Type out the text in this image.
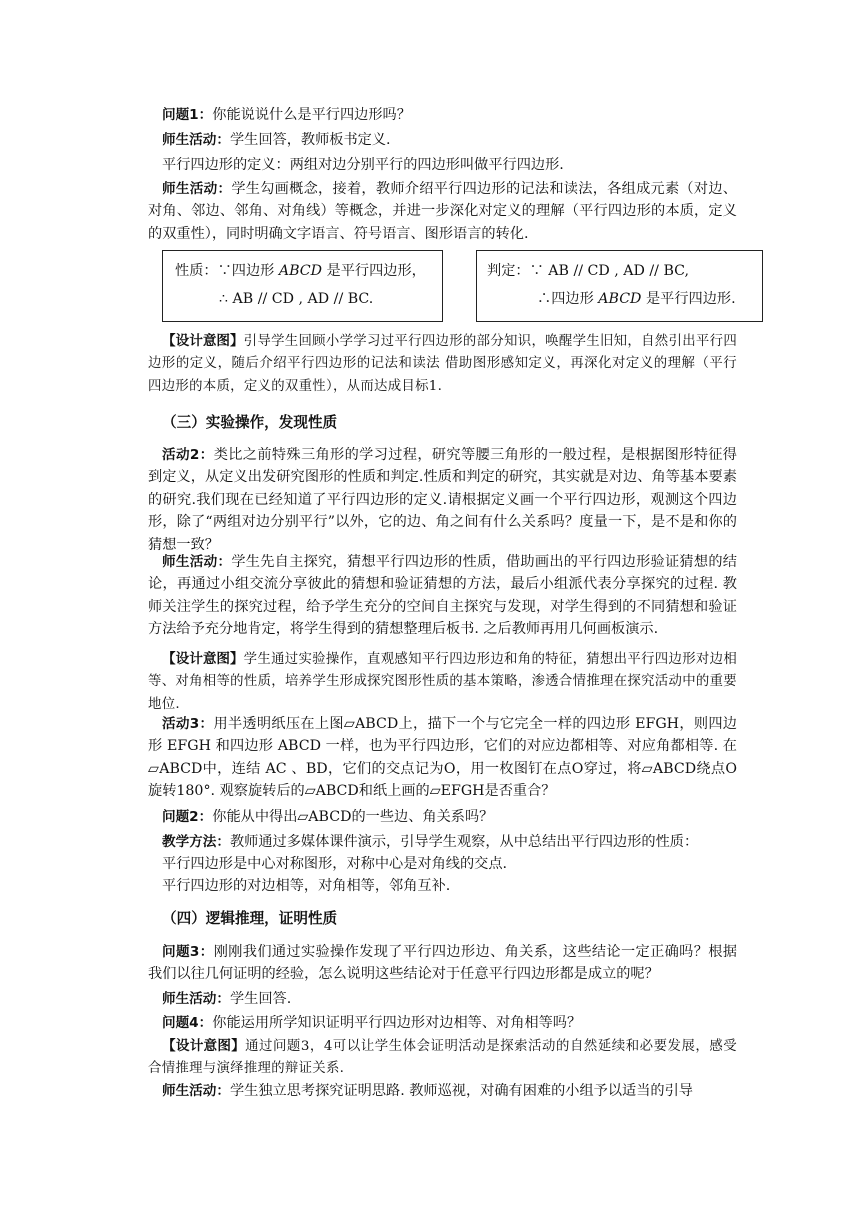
问题1：你能说说什么是平行四边形吗？

师生活动：学生回答，教师板书定义.

平行四边形的定义：两组对边分别平行的四边形叫做平行四边形.

师生活动：学生勾画概念，接着，教师介绍平行四边形的记法和读法，各组成元素（对边、对角、邻边、邻角、对角线）等概念，并进一步深化对定义的理解（平行四边形的本质，定义的双重性），同时明确文字语言、符号语言、图形语言的转化.

性质：∵四边形 ABCD 是平行四边形，
∴ AB // CD , AD // BC.
判定：∵ AB // CD , AD // BC,
∴四边形 ABCD 是平行四边形.

【设计意图】引导学生回顾小学学习过平行四边形的部分知识，唤醒学生旧知，自然引出平行四边形的定义，随后介绍平行四边形的记法和读法 借助图形感知定义，再深化对定义的理解（平行四边形的本质，定义的双重性），从而达成目标1.

（三）实验操作，发现性质

活动2：类比之前特殊三角形的学习过程，研究等腰三角形的一般过程，是根据图形特征得到定义，从定义出发研究图形的性质和判定.性质和判定的研究，其实就是对边、角等基本要素的研究.我们现在已经知道了平行四边形的定义.请根据定义画一个平行四边形，观测这个四边形，除了“两组对边分别平行”以外，它的边、角之间有什么关系吗？度量一下，是不是和你的猜想一致？

师生活动：学生先自主探究，猜想平行四边形的性质，借助画出的平行四边形验证猜想的结论，再通过小组交流分享彼此的猜想和验证猜想的方法，最后小组派代表分享探究的过程. 教师关注学生的探究过程，给予学生充分的空间自主探究与发现，对学生得到的不同猜想和验证方法给予充分地肯定，将学生得到的猜想整理后板书. 之后教师再用几何画板演示.

【设计意图】学生通过实验操作，直观感知平行四边形边和角的特征，猜想出平行四边形对边相等、对角相等的性质，培养学生形成探究图形性质的基本策略，渗透合情推理在探究活动中的重要地位.

活动3：用半透明纸压在上图▱ABCD上，描下一个与它完全一样的四边形 EFGH，则四边形 EFGH 和四边形 ABCD 一样，也为平行四边形，它们的对应边都相等、对应角都相等. 在▱ABCD中，连结 AC 、BD，它们的交点记为O，用一枚图钉在点O穿过，将▱ABCD绕点O旋转180°. 观察旋转后的▱ABCD和纸上画的▱EFGH是否重合？

问题2：你能从中得出▱ABCD的一些边、角关系吗？

教学方法：教师通过多媒体课件演示，引导学生观察，从中总结出平行四边形的性质：

平行四边形是中心对称图形，对称中心是对角线的交点.

平行四边形的对边相等，对角相等，邻角互补.

（四）逻辑推理，证明性质

问题3：刚刚我们通过实验操作发现了平行四边形边、角关系，这些结论一定正确吗？根据我们以往几何证明的经验，怎么说明这些结论对于任意平行四边形都是成立的呢？

师生活动：学生回答.

问题4：你能运用所学知识证明平行四边形对边相等、对角相等吗？

【设计意图】通过问题3，4可以让学生体会证明活动是探索活动的自然延续和必要发展，感受合情推理与演绎推理的辩证关系.

师生活动：学生独立思考探究证明思路. 教师巡视，对确有困难的小组予以适当的引导
